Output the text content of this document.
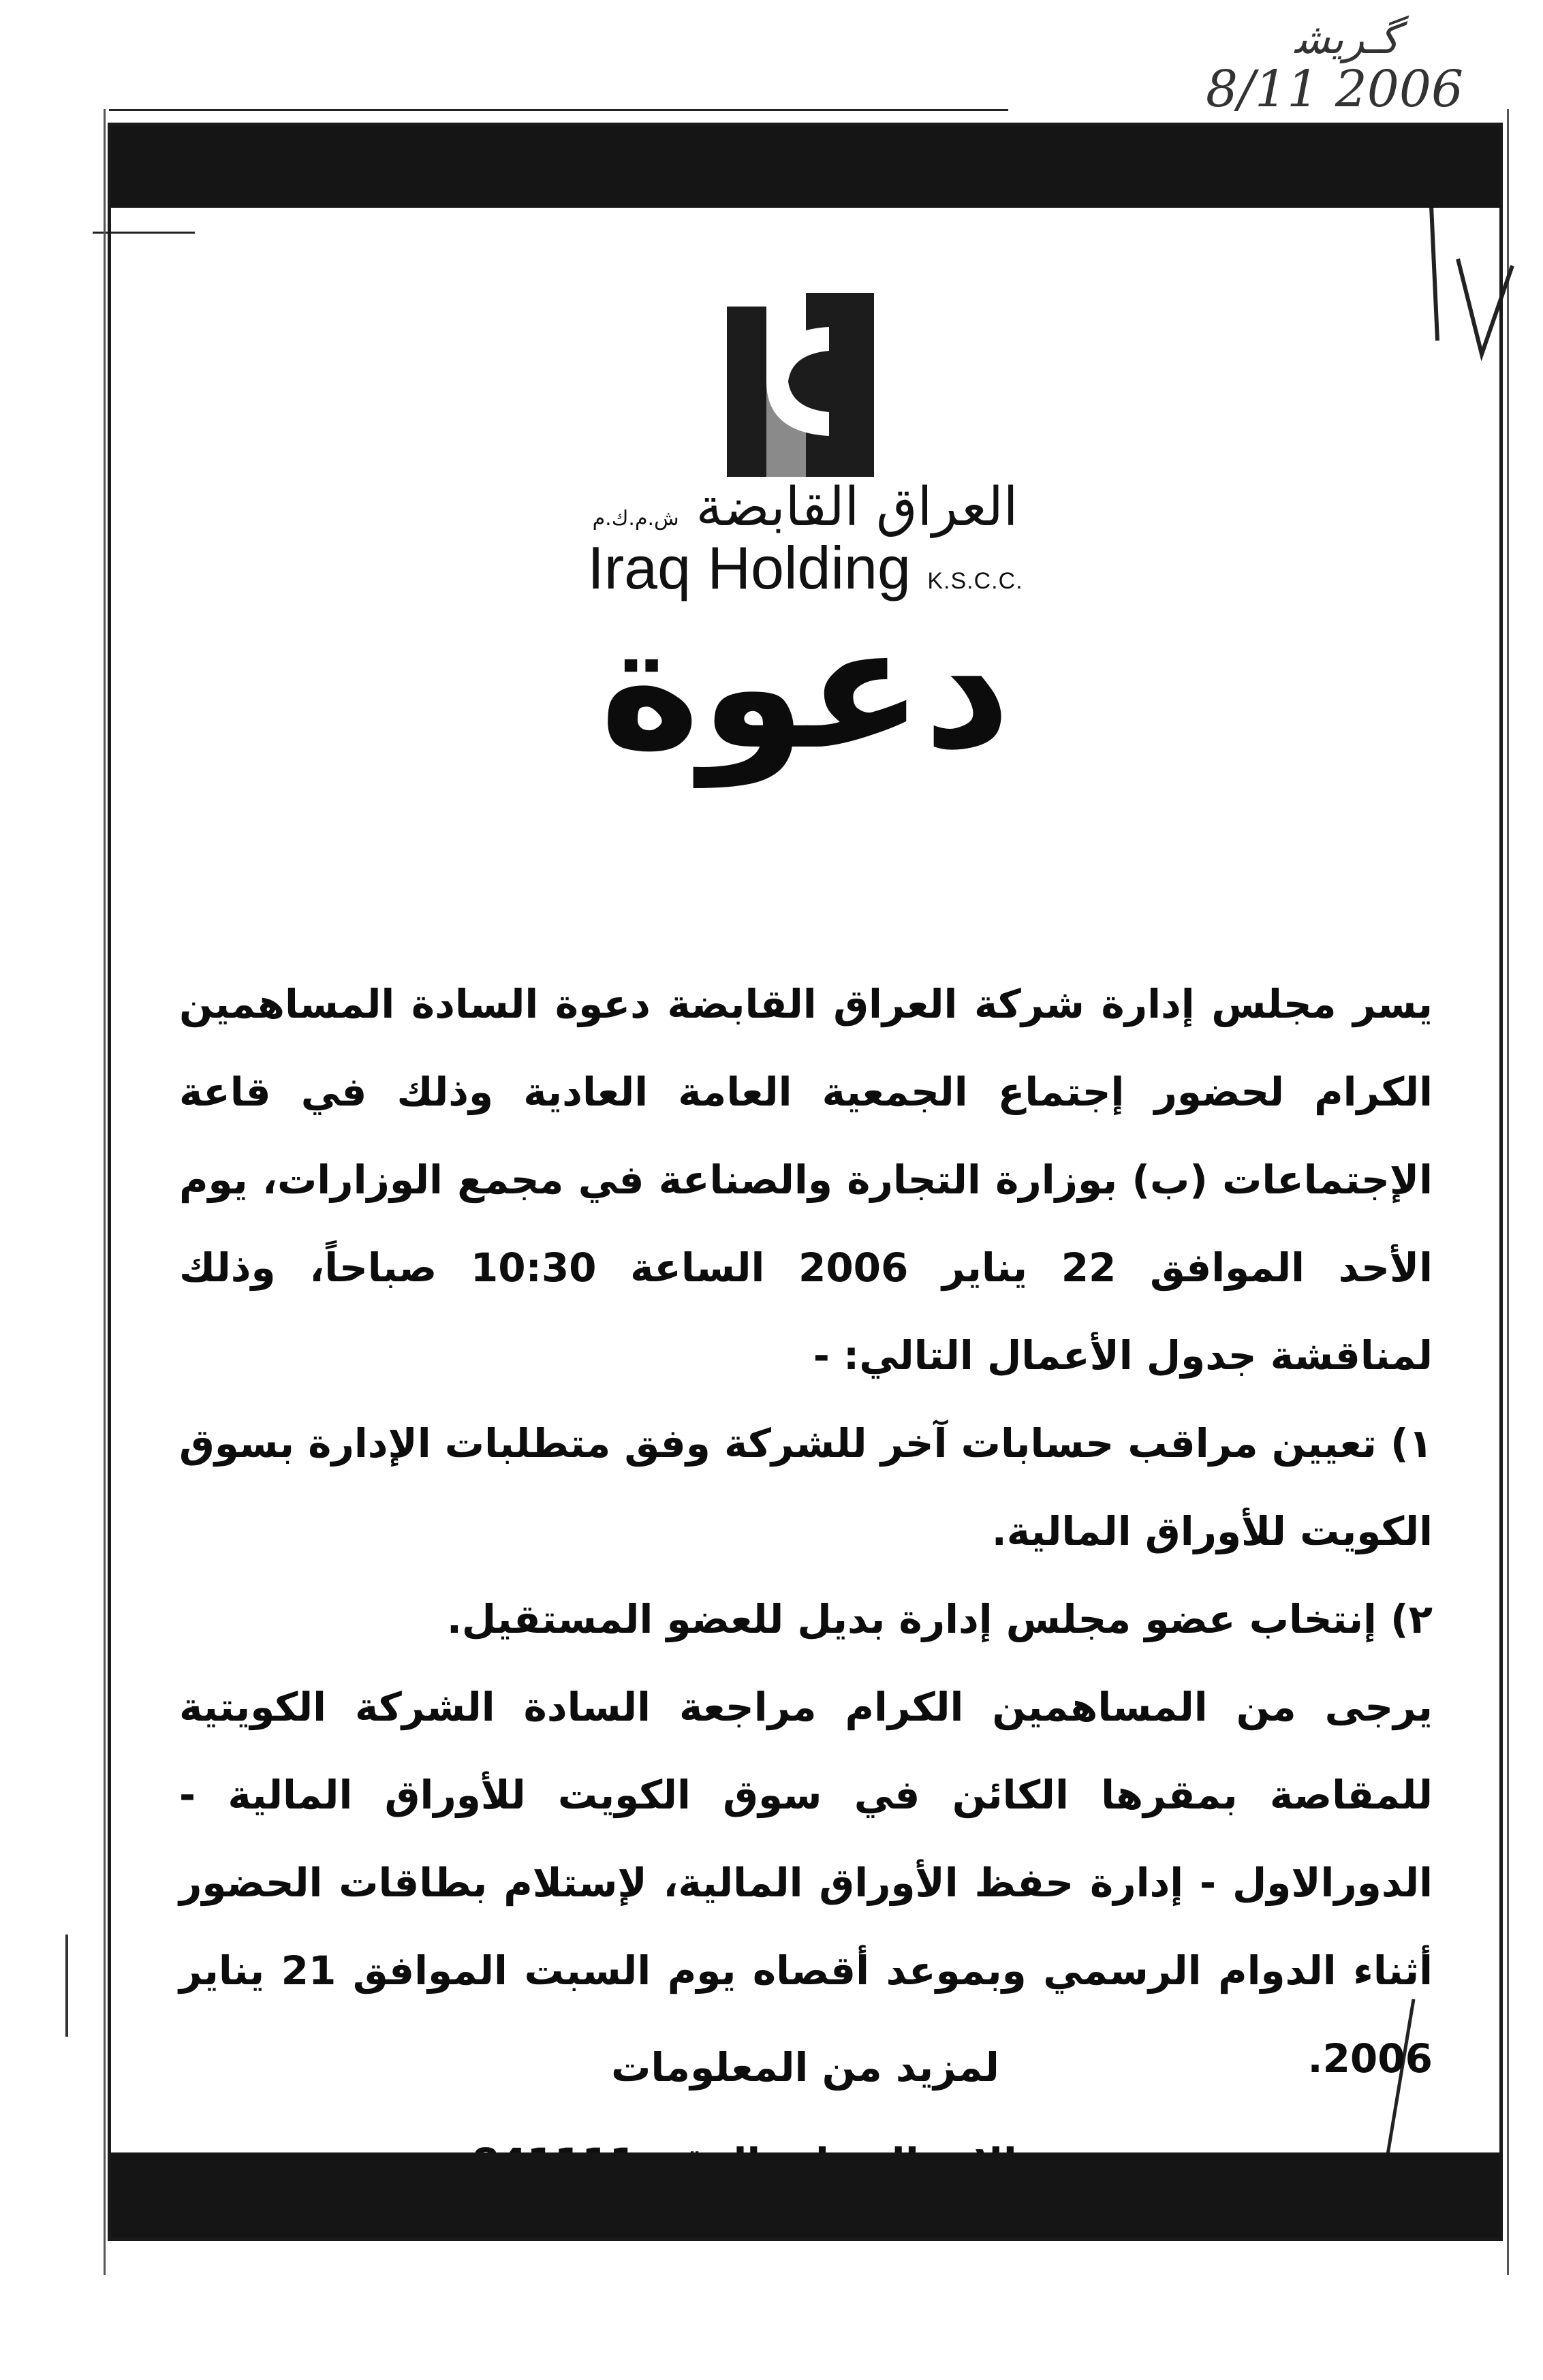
ﮔـﺮﯾﺸ
8/11 2006
العراق القابضة ش.م.ك.م
Iraq Holding K.S.C.C.
دعوة

يسر مجلس إدارة شركة العراق القابضة دعوة السادة المساهمين الكرام لحضور إجتماع الجمعية العامة العادية وذلك في قاعة الإجتماعات (ب) بوزارة التجارة والصناعة في مجمع الوزارات، يوم الأحد الموافق 22 يناير 2006 الساعة 10:30 صباحاً، وذلك لمناقشة جدول الأعمال التالي: -

١) تعيين مراقب حسابات آخر للشركة وفق متطلبات الإدارة بسوق الكويت للأوراق المالية.

٢) إنتخاب عضو مجلس إدارة بديل للعضو المستقيل.

يرجى من المساهمين الكرام مراجعة السادة الشركة الكويتية للمقاصة بمقرها الكائن في سوق الكويت للأوراق المالية - الدورالاول - إدارة حفظ الأوراق المالية، لإستلام بطاقات الحضور أثناء الدوام الرسمي وبموعد أقصاه يوم السبت الموافق 21 يناير 2006.

لمزيد من المعلومات
